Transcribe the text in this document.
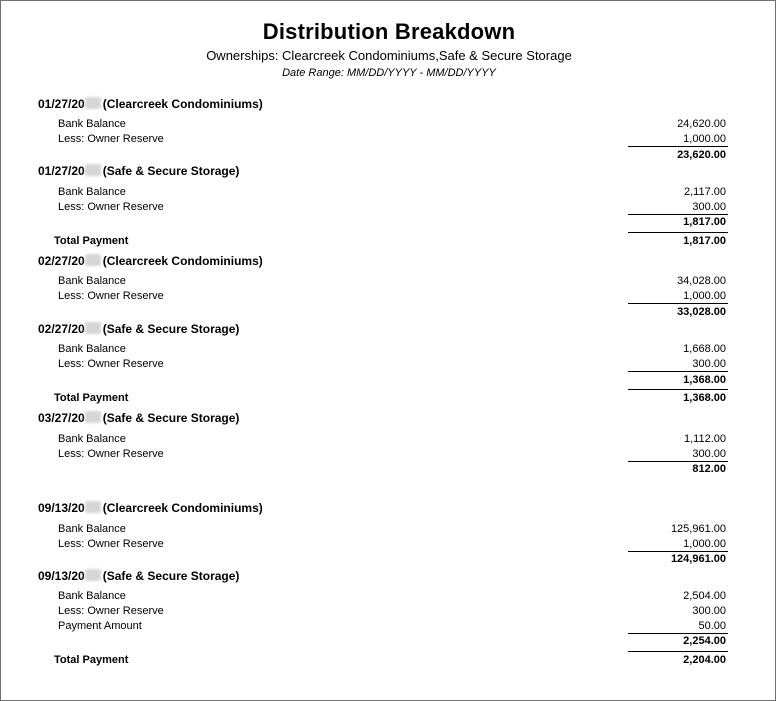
Distribution Breakdown
Ownerships: Clearcreek Condominiums,Safe & Secure Storage
Date Range: MM/DD/YYYY - MM/DD/YYYY
01/27/20 (Clearcreek Condominiums)
Bank Balance	24,620.00
Less: Owner Reserve	1,000.00
23,620.00
01/27/20 (Safe & Secure Storage)
Bank Balance	2,117.00
Less: Owner Reserve	300.00
1,817.00
Total Payment	1,817.00
02/27/20 (Clearcreek Condominiums)
Bank Balance	34,028.00
Less: Owner Reserve	1,000.00
33,028.00
02/27/20 (Safe & Secure Storage)
Bank Balance	1,668.00
Less: Owner Reserve	300.00
1,368.00
Total Payment	1,368.00
03/27/20 (Safe & Secure Storage)
Bank Balance	1,112.00
Less: Owner Reserve	300.00
812.00
09/13/20 (Clearcreek Condominiums)
Bank Balance	125,961.00
Less: Owner Reserve	1,000.00
124,961.00
09/13/20 (Safe & Secure Storage)
Bank Balance	2,504.00
Less: Owner Reserve	300.00
Payment Amount	50.00
2,254.00
Total Payment	2,204.00
